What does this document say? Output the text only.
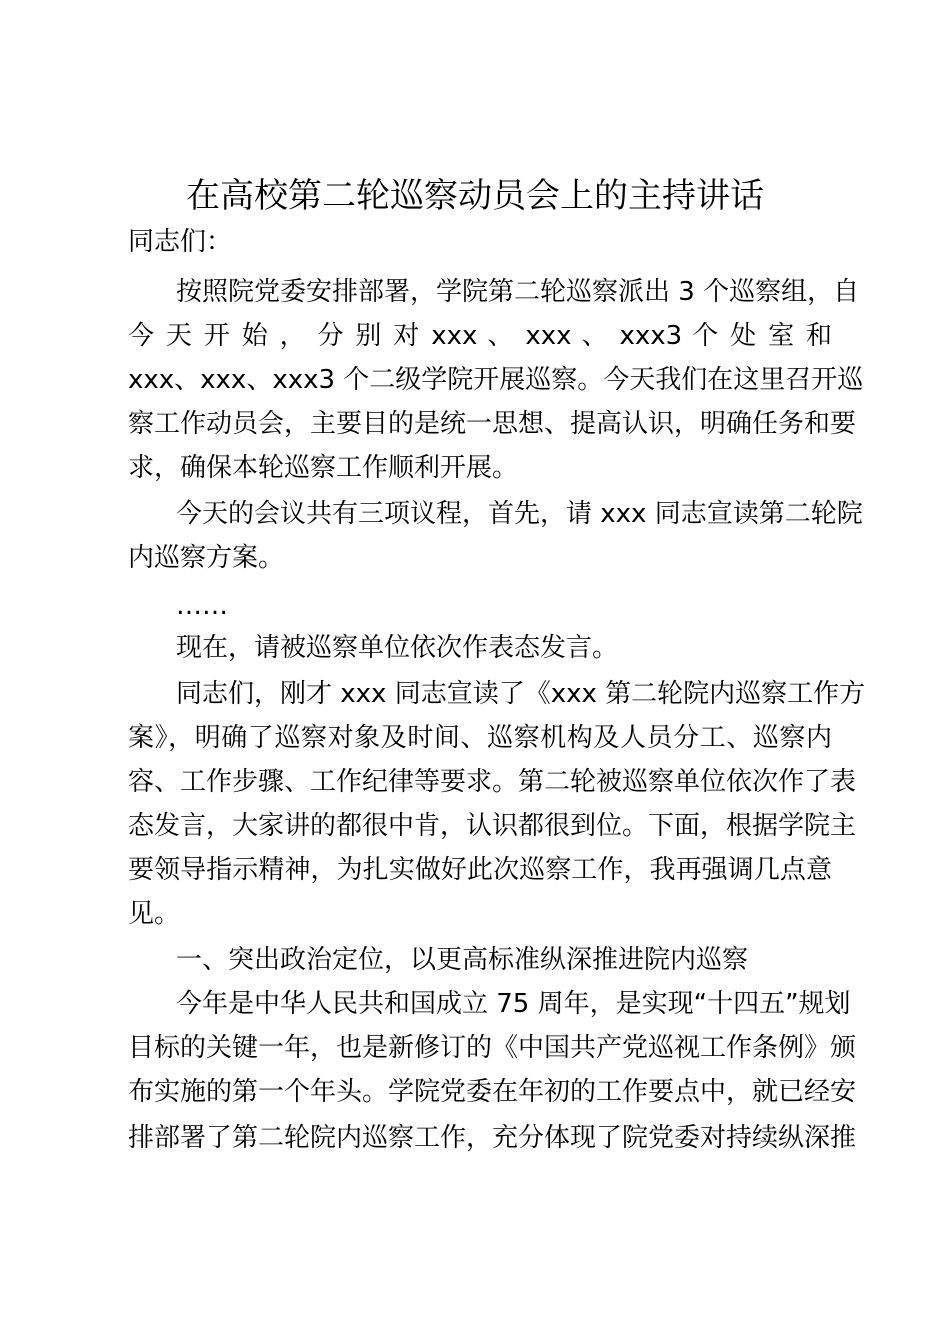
在高校第二轮巡察动员会上的主持讲话
同志们：
按照院党委安排部署，学院第二轮巡察派出 3 个巡察组，自
今 天 开 始 ， 分 别 对 xxx 、 xxx 、 xxx3 个 处 室 和
xxx、xxx、xxx3 个二级学院开展巡察。今天我们在这里召开巡
察工作动员会，主要目的是统一思想、提高认识，明确任务和要
求，确保本轮巡察工作顺利开展。
今天的会议共有三项议程，首先，请 xxx 同志宣读第二轮院
内巡察方案。
……
现在，请被巡察单位依次作表态发言。
同志们，刚才 xxx 同志宣读了《xxx 第二轮院内巡察工作方
案》，明确了巡察对象及时间、巡察机构及人员分工、巡察内
容、工作步骤、工作纪律等要求。第二轮被巡察单位依次作了表
态发言，大家讲的都很中肯，认识都很到位。下面，根据学院主
要领导指示精神，为扎实做好此次巡察工作，我再强调几点意
见。
一、突出政治定位，以更高标准纵深推进院内巡察
今年是中华人民共和国成立 75 周年，是实现“十四五”规划
目标的关键一年，也是新修订的《中国共产党巡视工作条例》颁
布实施的第一个年头。学院党委在年初的工作要点中，就已经安
排部署了第二轮院内巡察工作，充分体现了院党委对持续纵深推
